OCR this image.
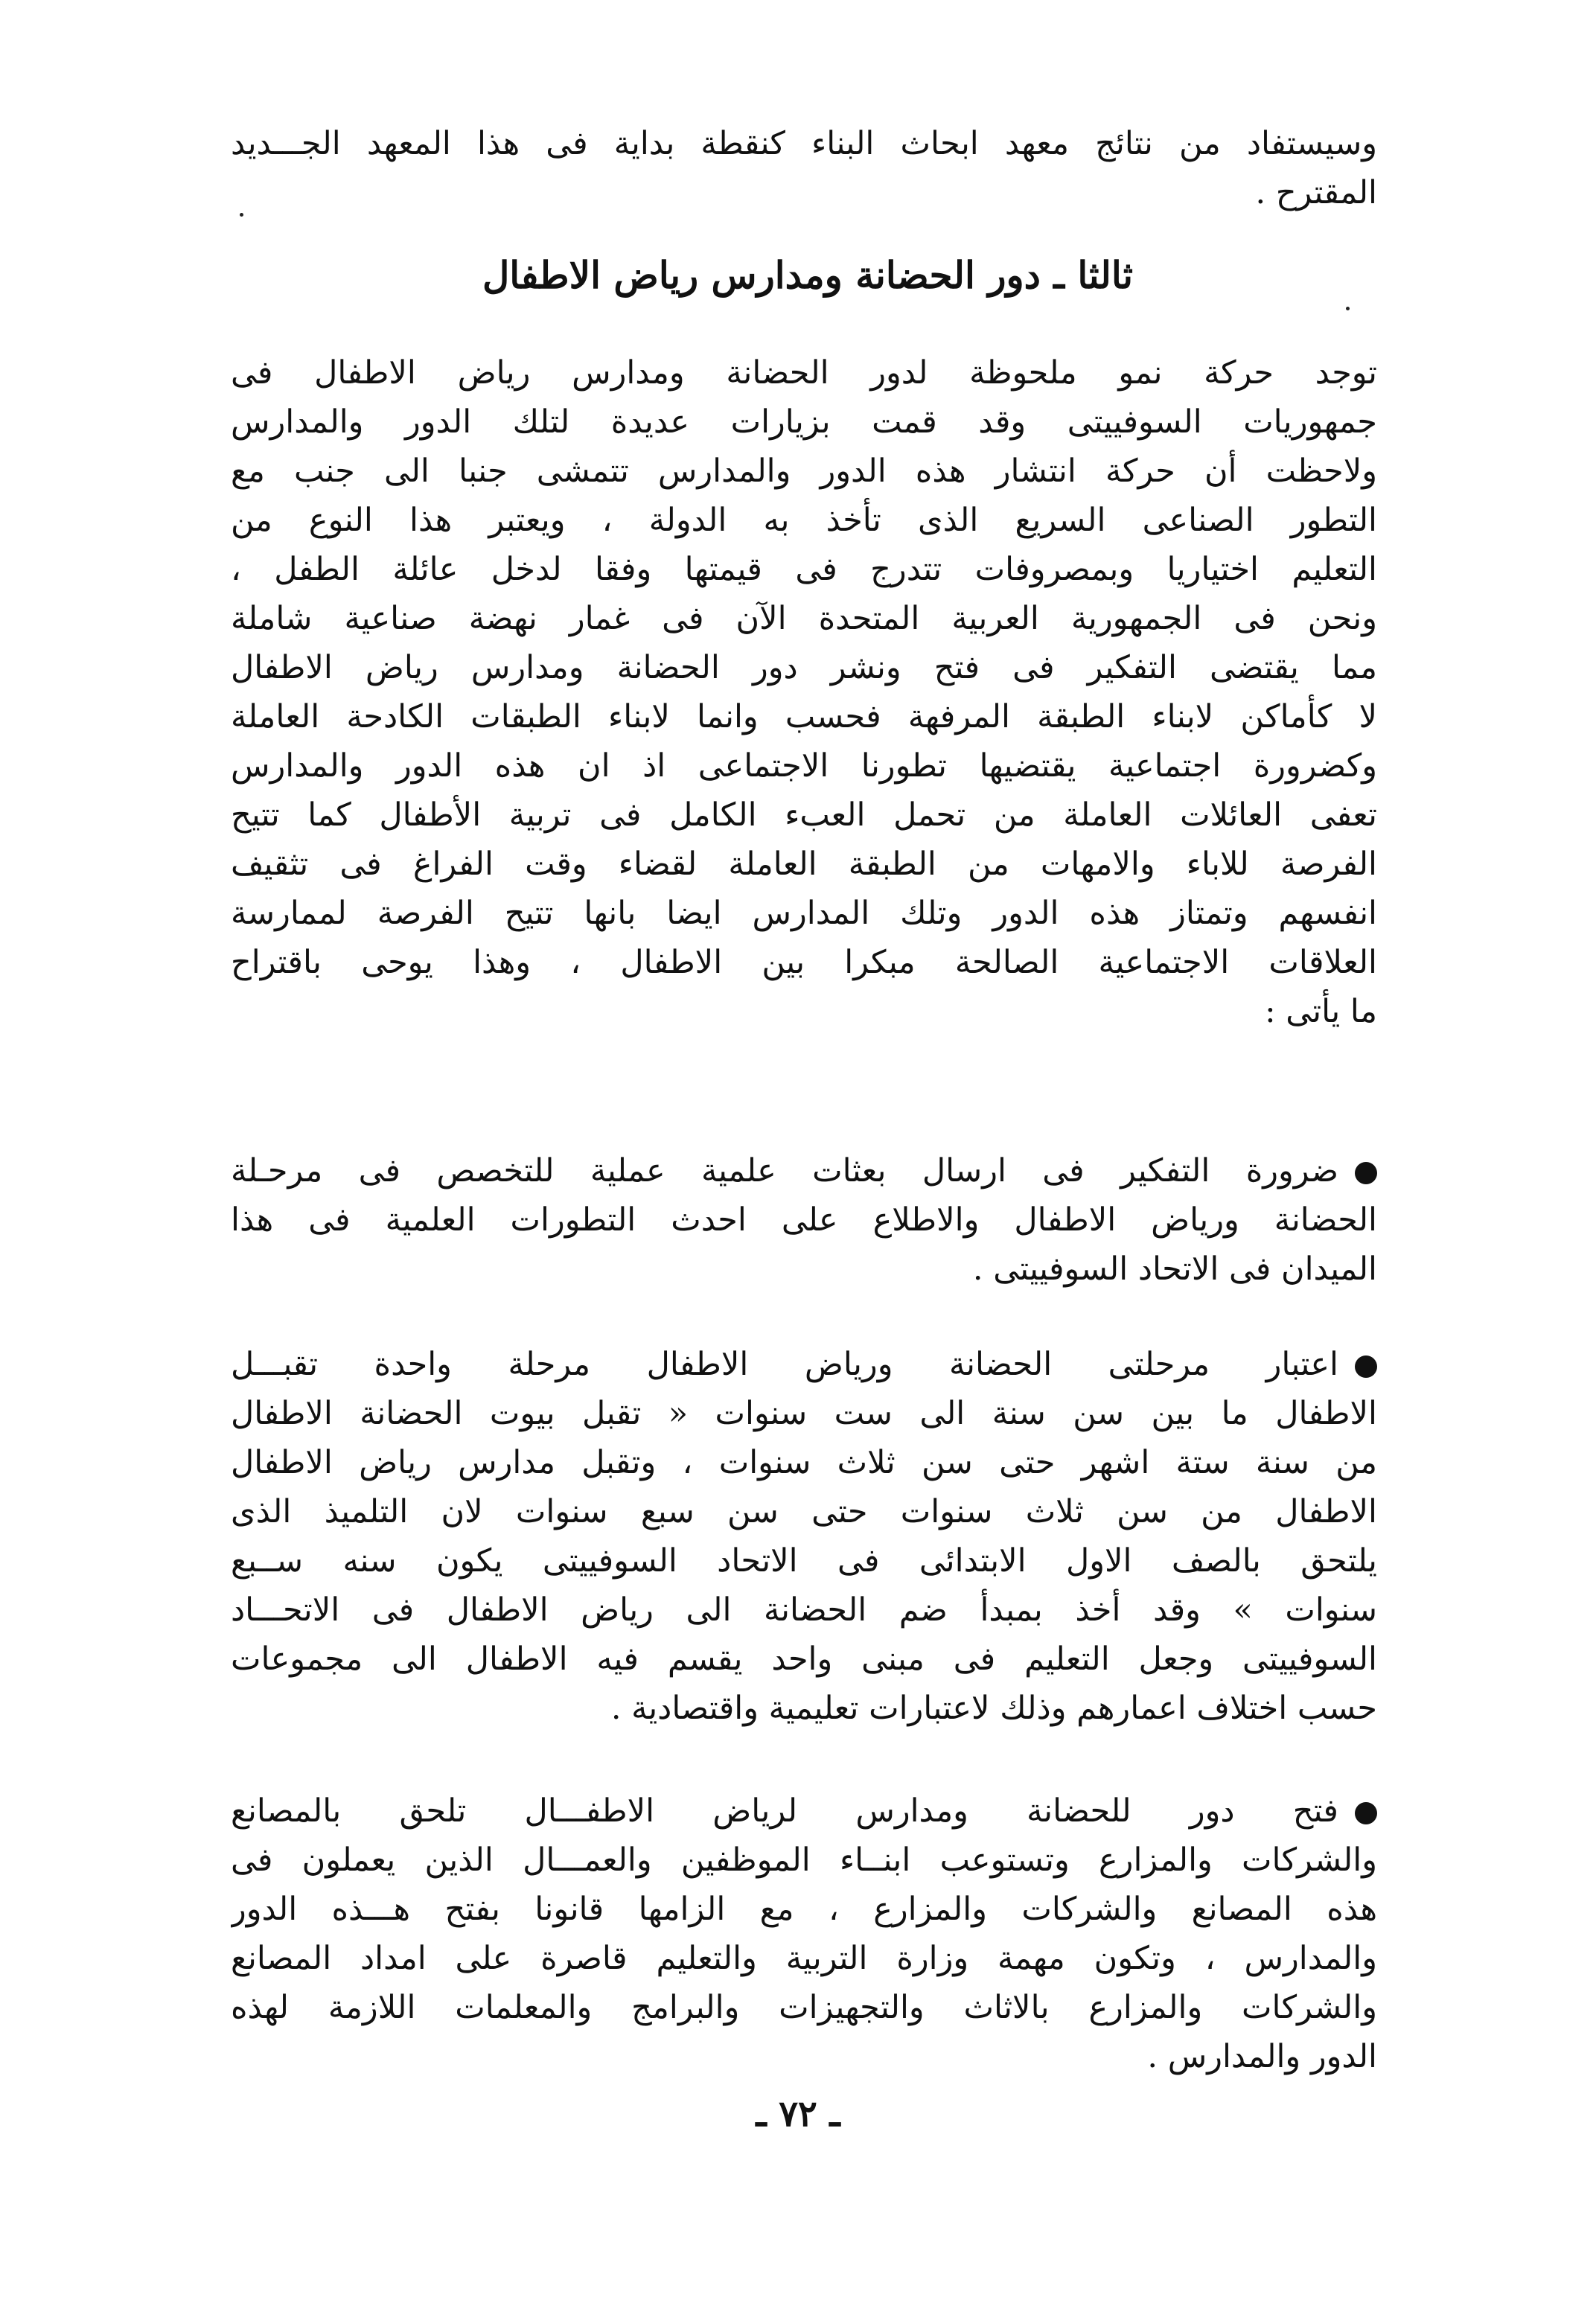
وسيستفاد من نتائج معهد ابحاث البناء كنقطة بداية فى هذا المعهد الجـــديد
المقترح .
ثالثا ـ دور الحضانة ومدارس رياض الاطفال
توجد حركة نمو ملحوظة لدور الحضانة ومدارس رياض الاطفال فى
جمهوريات السوفييتى وقد قمت بزيارات عديدة لتلك الدور والمدارس
ولاحظت أن حركة انتشار هذه الدور والمدارس تتمشى جنبا الى جنب مع
التطور الصناعى السريع الذى تأخذ به الدولة ، ويعتبر هذا النوع من
التعليم اختياريا وبمصروفات تتدرج فى قيمتها وفقا لدخل عائلة الطفل ،
ونحن فى الجمهورية العربية المتحدة الآن فى غمار نهضة صناعية شاملة
مما يقتضى التفكير فى فتح ونشر دور الحضانة ومدارس رياض الاطفال
لا كأماكن لابناء الطبقة المرفهة فحسب وانما لابناء الطبقات الكادحة العاملة
وكضرورة اجتماعية يقتضيها تطورنا الاجتماعى اذ ان هذه الدور والمدارس
تعفى العائلات العاملة من تحمل العبء الكامل فى تربية الأطفال كما تتيح
الفرصة للاباء والامهات من الطبقة العاملة لقضاء وقت الفراغ فى تثقيف
انفسهم وتمتاز هذه الدور وتلك المدارس ايضا بانها تتيح الفرصة لممارسة
العلاقات الاجتماعية الصالحة مبكرا بين الاطفال ، وهذا يوحى باقتراح
ما يأتى :
ضرورة التفكير فى ارسال بعثات علمية عملية للتخصص فى مرحـلة
الحضانة ورياض الاطفال والاطلاع على احدث التطورات العلمية فى هذا
الميدان فى الاتحاد السوفييتى .
اعتبار مرحلتى الحضانة ورياض الاطفال مرحلة واحدة تقبـــل
الاطفال ما بين سن سنة الى ست سنوات « تقبل بيوت الحضانة الاطفال
من سنة ستة اشهر حتى سن ثلاث سنوات ، وتقبل مدارس رياض الاطفال
الاطفال من سن ثلاث سنوات حتى سن سبع سنوات لان التلميذ الذى
يلتحق بالصف الاول الابتدائى فى الاتحاد السوفييتى يكون سنه ســبع
سنوات » وقد أخذ بمبدأ ضم الحضانة الى رياض الاطفال فى الاتحـــاد
السوفييتى وجعل التعليم فى مبنى واحد يقسم فيه الاطفال الى مجموعات
حسب اختلاف اعمارهم وذلك لاعتبارات تعليمية واقتصادية .
فتح دور للحضانة ومدارس لرياض الاطفـــال تلحق بالمصانع
والشركات والمزارع وتستوعب ابنــاء الموظفين والعمـــال الذين يعملون فى
هذه المصانع والشركات والمزارع ، مع الزامها قانونا بفتح هـــذه الدور
والمدارس ، وتكون مهمة وزارة التربية والتعليم قاصرة على امداد المصانع
والشركات والمزارع بالاثاث والتجهيزات والبرامج والمعلمات اللازمة لهذه
الدور والمدارس .
ـ ٧٢ ـ
